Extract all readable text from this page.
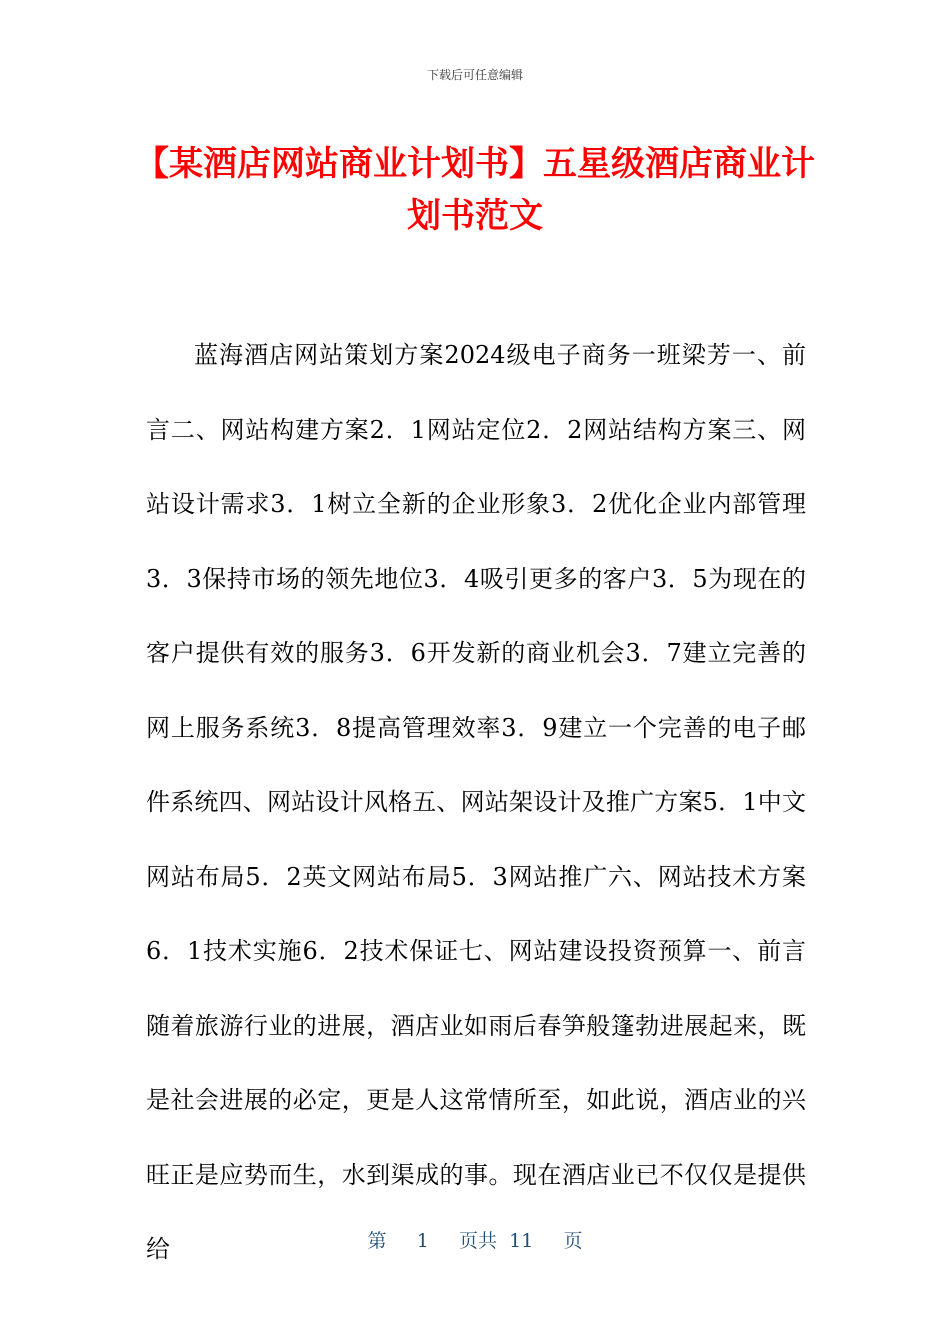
下载后可任意编辑
【某酒店网站商业计划书】五星级酒店商业计划书范文

蓝海酒店网站策划方案2024级电子商务一班梁芳一、前言二、网站构建方案2．1网站定位2．2网站结构方案三、网站设计需求3．1树立全新的企业形象3．2优化企业内部管理3．3保持市场的领先地位3．4吸引更多的客户3．5为现在的客户提供有效的服务3．6开发新的商业机会3．7建立完善的网上服务系统3．8提高管理效率3．9建立一个完善的电子邮件系统四、网站设计风格五、网站架设计及推广方案5．1中文网站布局5．2英文网站布局5．3网站推广六、网站技术方案6．1技术实施6．2技术保证七、网站建设投资预算一、前言随着旅游行业的进展，酒店业如雨后春笋般篷勃进展起来，既是社会进展的必定，更是人这常情所至，如此说，酒店业的兴旺正是应势而生，水到渠成的事。现在酒店业已不仅仅是提供给	第 1 页共 11 页
